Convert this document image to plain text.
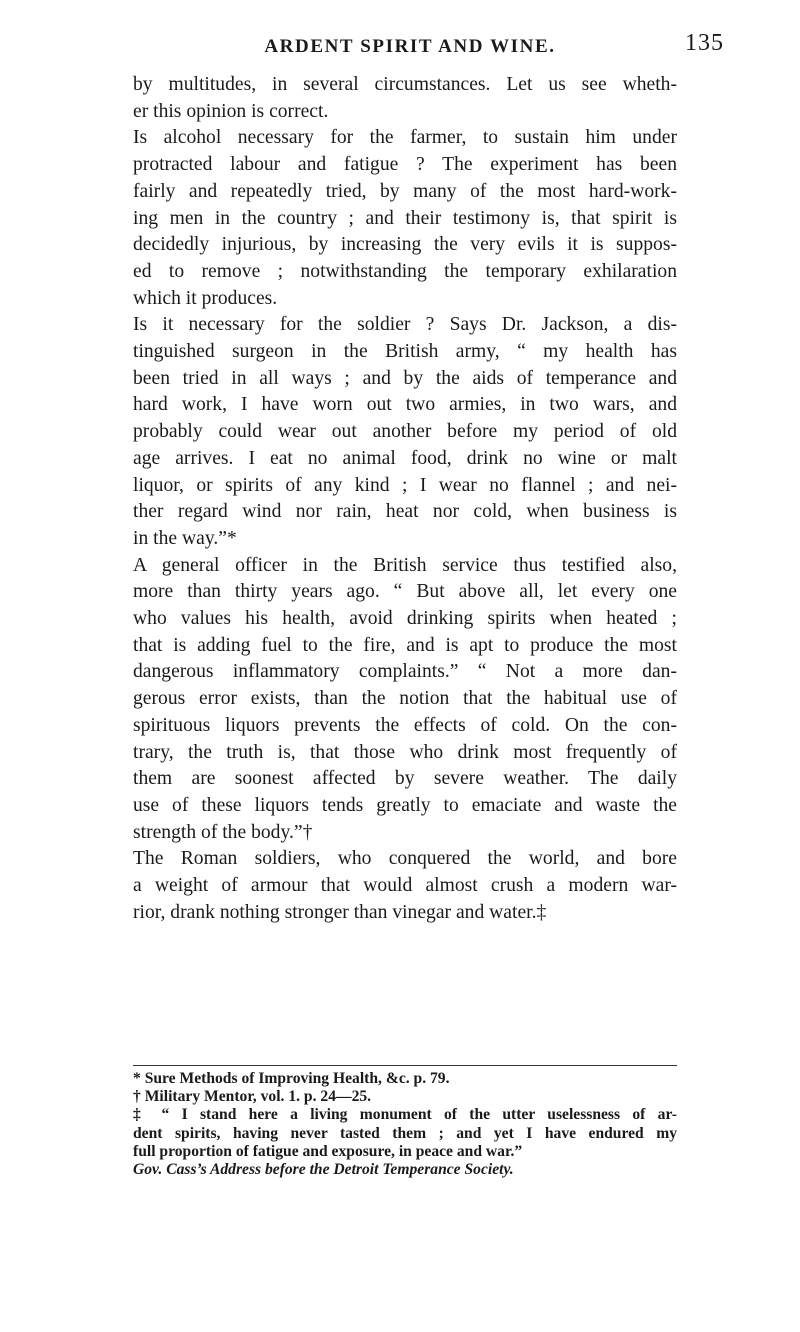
ARDENT SPIRIT AND WINE.	135
by multitudes, in several circumstances. Let us see wheth-
er this opinion is correct.
Is alcohol necessary for the farmer, to sustain him under
protracted labour and fatigue ? The experiment has been
fairly and repeatedly tried, by many of the most hard-work-
ing men in the country ; and their testimony is, that spirit is
decidedly injurious, by increasing the very evils it is suppos-
ed to remove ; notwithstanding the temporary exhilaration
which it produces.
Is it necessary for the soldier ? Says Dr. Jackson, a dis-
tinguished surgeon in the British army, “ my health has
been tried in all ways ; and by the aids of temperance and
hard work, I have worn out two armies, in two wars, and
probably could wear out another before my period of old
age arrives. I eat no animal food, drink no wine or malt
liquor, or spirits of any kind ; I wear no flannel ; and nei-
ther regard wind nor rain, heat nor cold, when business is
in the way.”*
A general officer in the British service thus testified also,
more than thirty years ago. “ But above all, let every one
who values his health, avoid drinking spirits when heated ;
that is adding fuel to the fire, and is apt to produce the most
dangerous inflammatory complaints.” “ Not a more dan-
gerous error exists, than the notion that the habitual use of
spirituous liquors prevents the effects of cold. On the con-
trary, the truth is, that those who drink most frequently of
them are soonest affected by severe weather. The daily
use of these liquors tends greatly to emaciate and waste the
strength of the body.”†
The Roman soldiers, who conquered the world, and bore
a weight of armour that would almost crush a modern war-
rior, drank nothing stronger than vinegar and water.‡
* Sure Methods of Improving Health, &c. p. 79.
† Military Mentor, vol. 1. p. 24—25.
‡ “ I stand here a living monument of the utter uselessness of ar-
dent spirits, having never tasted them ; and yet I have endured my
full proportion of fatigue and exposure, in peace and war.”
Gov. Cass’s Address before the Detroit Temperance Society.
